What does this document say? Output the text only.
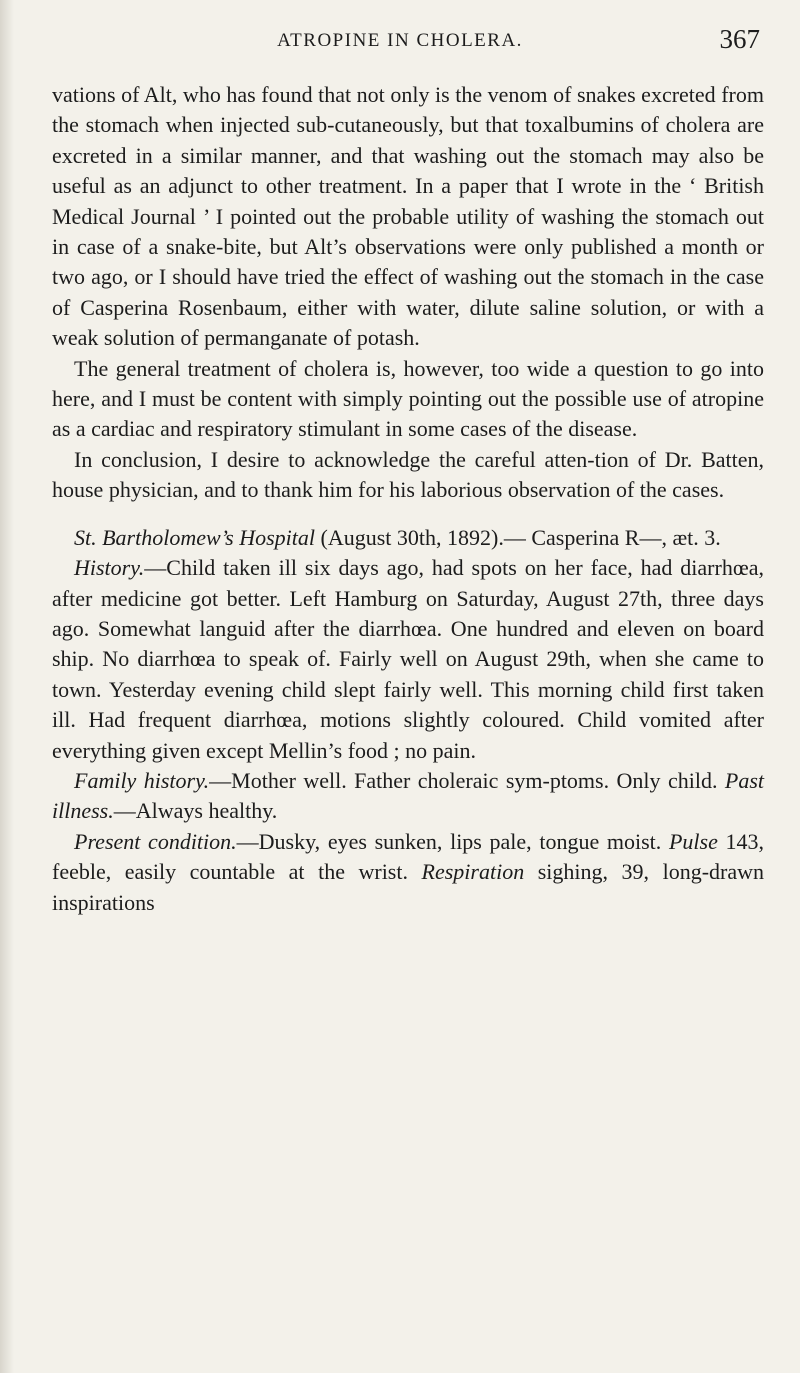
ATROPINE IN CHOLERA.	367

vations of Alt, who has found that not only is the venom of snakes excreted from the stomach when injected sub-cutaneously, but that toxalbumins of cholera are excreted in a similar manner, and that washing out the stomach may also be useful as an adjunct to other treatment. In a paper that I wrote in the ‘ British Medical Journal ’ I pointed out the probable utility of washing the stomach out in case of a snake-bite, but Alt’s observations were only published a month or two ago, or I should have tried the effect of washing out the stomach in the case of Casperina Rosenbaum, either with water, dilute saline solution, or with a weak solution of permanganate of potash.

The general treatment of cholera is, however, too wide a question to go into here, and I must be content with simply pointing out the possible use of atropine as a cardiac and respiratory stimulant in some cases of the disease.

In conclusion, I desire to acknowledge the careful atten-tion of Dr. Batten, house physician, and to thank him for his laborious observation of the cases.

St. Bartholomew’s Hospital (August 30th, 1892).— Casperina R—, æt. 3.

History.—Child taken ill six days ago, had spots on her face, had diarrhœa, after medicine got better. Left Hamburg on Saturday, August 27th, three days ago. Somewhat languid after the diarrhœa. One hundred and eleven on board ship. No diarrhœa to speak of. Fairly well on August 29th, when she came to town. Yesterday evening child slept fairly well. This morning child first taken ill. Had frequent diarrhœa, motions slightly coloured. Child vomited after everything given except Mellin’s food ; no pain.

Family history.—Mother well. Father choleraic sym-ptoms. Only child. Past illness.—Always healthy.

Present condition.—Dusky, eyes sunken, lips pale, tongue moist. Pulse 143, feeble, easily countable at the wrist. Respiration sighing, 39, long-drawn inspirations
